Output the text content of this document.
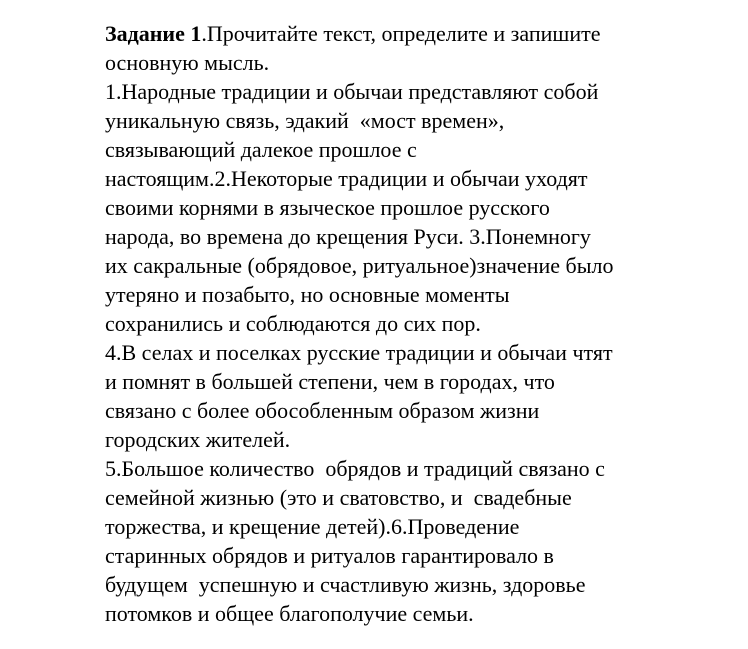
Задание 1.Прочитайте текст, определите и запишите
основную мысль.
1.Народные традиции и обычаи представляют собой
уникальную связь, эдакий  «мост времен»,
связывающий далекое прошлое с
настоящим.2.Некоторые традиции и обычаи уходят
своими корнями в языческое прошлое русского
народа, во времена до крещения Руси. 3.Понемногу
их сакральные (обрядовое, ритуальное)значение было
утеряно и позабыто, но основные моменты
сохранились и соблюдаются до сих пор.
4.В селах и поселках русские традиции и обычаи чтят
и помнят в большей степени, чем в городах, что
связано с более обособленным образом жизни
городских жителей.
5.Большое количество  обрядов и традиций связано с
семейной жизнью (это и сватовство, и  свадебные
торжества, и крещение детей).6.Проведение
старинных обрядов и ритуалов гарантировало в
будущем  успешную и счастливую жизнь, здоровье
потомков и общее благополучие семьи.
